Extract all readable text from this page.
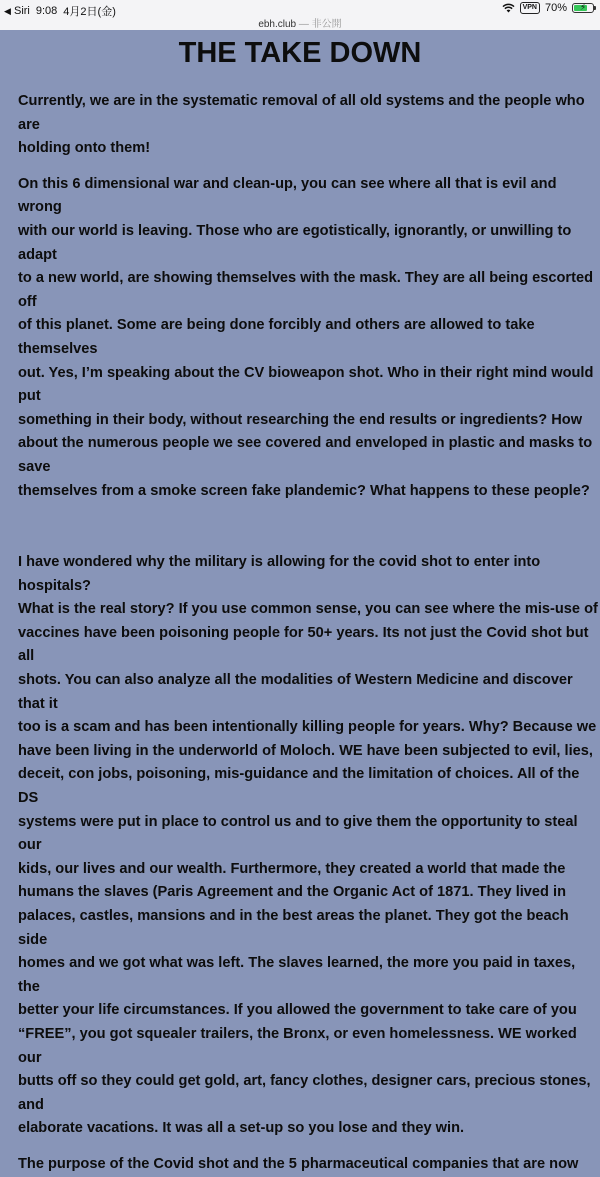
◀ Siri 9:08 4月2日(金)
ebh.club — 非公開
VPN 70%	⚡
THE TAKE DOWN

Currently, we are in the systematic removal of all old systems and the people who are
holding onto them!

On this 6 dimensional war and clean-up, you can see where all that is evil and wrong
with our world is leaving. Those who are egotistically, ignorantly, or unwilling to adapt
to a new world, are showing themselves with the mask. They are all being escorted off
of this planet. Some are being done forcibly and others are allowed to take themselves
out. Yes, I’m speaking about the CV bioweapon shot. Who in their right mind would put
something in their body, without researching the end results or ingredients? How
about the numerous people we see covered and enveloped in plastic and masks to save
themselves from a smoke screen fake plandemic? What happens to these people?

I have wondered why the military is allowing for the covid shot to enter into hospitals?
What is the real story? If you use common sense, you can see where the mis-use of
vaccines have been poisoning people for 50+ years. Its not just the Covid shot but all
shots. You can also analyze all the modalities of Western Medicine and discover that it
too is a scam and has been intentionally killing people for years. Why? Because we
have been living in the underworld of Moloch. WE have been subjected to evil, lies,
deceit, con jobs, poisoning, mis-guidance and the limitation of choices. All of the DS
systems were put in place to control us and to give them the opportunity to steal our
kids, our lives and our wealth. Furthermore, they created a world that made the
humans the slaves (Paris Agreement and the Organic Act of 1871. They lived in
palaces, castles, mansions and in the best areas the planet. They got the beach side
homes and we got what was left. The slaves learned, the more you paid in taxes, the
better your life circumstances. If you allowed the government to take care of you
“FREE”, you got squealer trailers, the Bronx, or even homelessness. WE worked our
butts off so they could get gold, art, fancy clothes, designer cars, precious stones, and
elaborate vacations. It was all a set-up so you lose and they win.

The purpose of the Covid shot and the 5 pharmaceutical companies that are now
